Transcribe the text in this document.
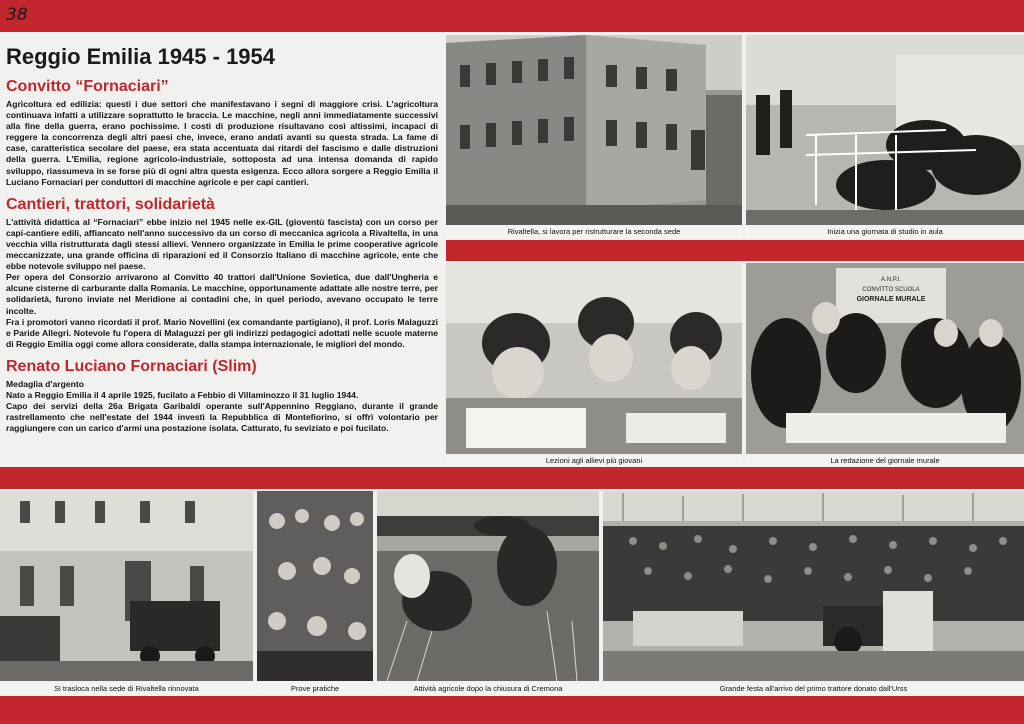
38
Reggio Emilia 1945 - 1954
Convitto “Fornaciari”

Agricoltura ed edilizia: questi i due settori che manifestavano i segni di maggiore crisi. L'agricoltura continuava infatti a utilizzare soprattutto le braccia. Le macchine, negli anni immediatamente successivi alla fine della guerra, erano pochissime. I costi di produzione risultavano così altissimi, incapaci di reggere la concorrenza degli altri paesi che, invece, erano andati avanti su questa strada. La fame di case, caratteristica secolare del paese, era stata accentuata dai ritardi del fascismo e dalle distruzioni della guerra. L'Emilia, regione agricolo-industriale, sottoposta ad una intensa domanda di rapido sviluppo, riassumeva in se forse più di ogni altra questa esigenza. Ecco allora sorgere a Reggio Emilia il Luciano Fornaciari per conduttori di macchine agricole e per capi cantieri.

Cantieri, trattori, solidarietà

L'attività didattica al “Fornaciari” ebbe inizio nel 1945 nelle ex-GIL (gioventù fascista) con un corso per capi-cantiere edili, affiancato nell'anno successivo da un corso di meccanica agricola a Rivaltella, in una vecchia villa ristrutturata dagli stessi allievi. Vennero organizzate in Emilia le prime cooperative agricole meccanizzate, una grande officina di riparazioni ed il Consorzio Italiano di macchine agricole, ente che ebbe notevole sviluppo nel paese.

Per opera del Consorzio arrivarono al Convitto 40 trattori dall'Unione Sovietica, due dall'Ungheria e alcune cisterne di carburante dalla Romania. Le macchine, opportunamente adattate alle nostre terre, per solidarietà, furono inviate nel Meridione ai contadini che, in quel periodo, avevano occupato le terre incolte.

Fra i promotori vanno ricordati il prof. Mario Novellini (ex comandante partigiano), il prof. Loris Malaguzzi e Paride Allegri. Notevole fu l'opera di Malaguzzi per gli indirizzi pedagogici adottati nelle scuole materne di Reggio Emilia oggi come allora considerate, dalla stampa internazionale, le migliori del mondo.

Renato Luciano Fornaciari (Slim)

Medaglia d'argento

Nato a Reggio Emilia il 4 aprile 1925, fucilato a Febbio di Villaminozzo il 31 luglio 1944.

Capo dei servizi della 26a Brigata Garibaldi operante sull'Appennino Reggiano, durante il grande rastrellamento che nell'estate del 1944 investì la Repubblica di Montefiorino, si offrì volontario per raggiungere con un carico d'armi una postazione isolata. Catturato, fu seviziato e poi fucilato.

Rivaltella, si lavora per ristrutturare la seconda sede	Inizia una giornata di studio in aula
Lezioni agli allievi più giovani
A.N.P.I.
CONVITTO SCUOLA
GIORNALE MURALE
La redazione del giornale murale
Si trasloca nella sede di Rivaltella rinnovata	Prove pratiche	Attività agricole dopo la chiusura di Cremona	Grande festa all'arrivo del primo trattore donato dall'Urss
